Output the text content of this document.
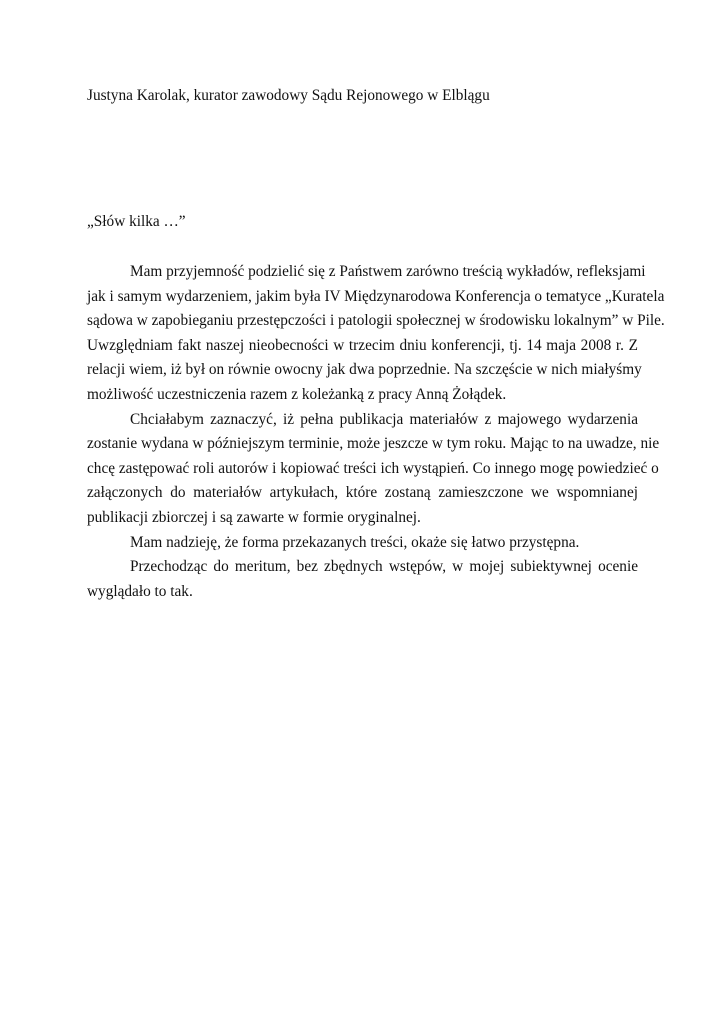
Justyna Karolak, kurator zawodowy Sądu Rejonowego w Elblągu
„Słów kilka …”
Mam przyjemność podzielić się z Państwem zarówno treścią wykładów, refleksjami
jak i samym wydarzeniem, jakim była IV Międzynarodowa Konferencja o tematyce „Kuratela
sądowa w zapobieganiu przestępczości i patologii społecznej w środowisku lokalnym” w Pile.
Uwzględniam fakt naszej nieobecności w trzecim dniu konferencji, tj. 14 maja 2008 r. Z
relacji wiem, iż był on równie owocny jak dwa poprzednie. Na szczęście w nich miałyśmy
możliwość uczestniczenia razem z koleżanką z pracy Anną Żołądek.
Chciałabym zaznaczyć, iż pełna publikacja materiałów z majowego wydarzenia
zostanie wydana w późniejszym terminie, może jeszcze w tym roku. Mając to na uwadze, nie
chcę zastępować roli autorów i kopiować treści ich wystąpień. Co innego mogę powiedzieć o
załączonych do materiałów artykułach, które zostaną zamieszczone we wspomnianej
publikacji zbiorczej i są zawarte w formie oryginalnej.
Mam nadzieję, że forma przekazanych treści, okaże się łatwo przystępna.
Przechodząc do meritum, bez zbędnych wstępów, w mojej subiektywnej ocenie
wyglądało to tak.
